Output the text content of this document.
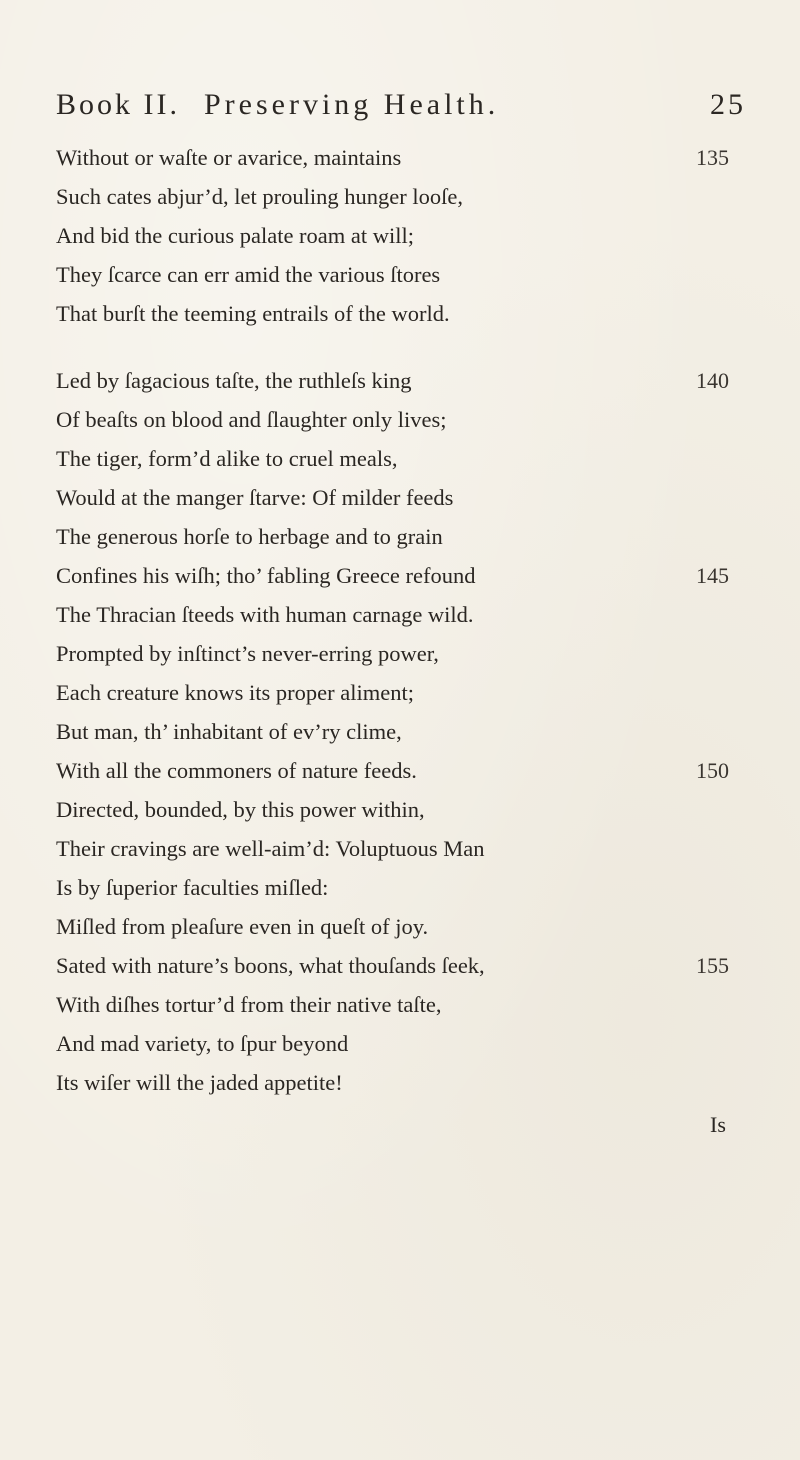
Book II. Preserving Health.	25
Without or waſte or avarice, maintains
Such cates abjur’d, let prouling hunger looſe,
And bid the curious palate roam at will;
They ſcarce can err amid the various ſtores
That burſt the teeming entrails of the world.
Led by ſagacious taſte, the ruthleſs king
Of beaſts on blood and ſlaughter only lives;
The tiger, form’d alike to cruel meals,
Would at the manger ſtarve: Of milder feeds
The generous horſe to herbage and to grain
Confines his wiſh; tho’ fabling Greece refound
The Thracian ſteeds with human carnage wild.
Prompted by inſtinct’s never-erring power,
Each creature knows its proper aliment;
But man, th’ inhabitant of ev’ry clime,
With all the commoners of nature feeds.
Directed, bounded, by this power within,
Their cravings are well-aim’d: Voluptuous Man
Is by ſuperior faculties miſled:
Miſled from pleaſure even in queſt of joy.
Sated with nature’s boons, what thouſands ſeek,
With diſhes tortur’d from their native taſte,
And mad variety, to ſpur beyond
Its wiſer will the jaded appetite!
135
140
145
150
155
Is
